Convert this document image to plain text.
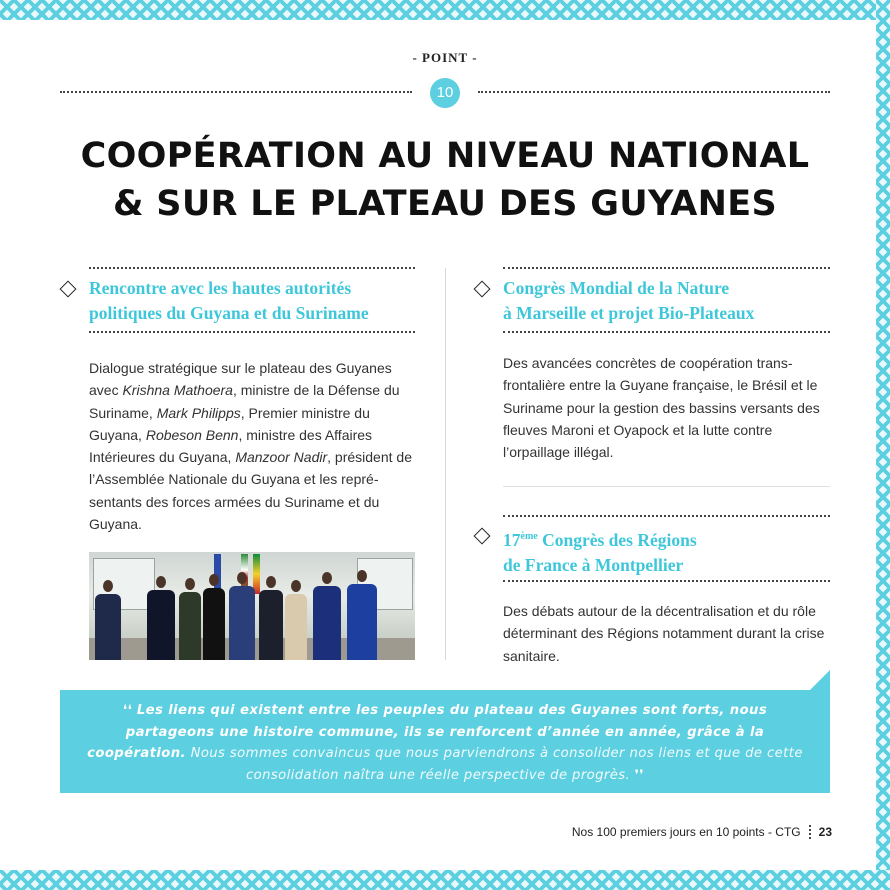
- POINT -
10
COOPÉRATION AU NIVEAU NATIONAL
& SUR LE PLATEAU DES GUYANES
Rencontre avec les hautes autorités
politiques du Guyana et du Suriname
Dialogue stratégique sur le plateau des Guyanes avec Krishna Mathoera, ministre de la Défense du Suriname, Mark Philipps, Premier ministre du Guyana, Robeson Benn, ministre des Affaires Intérieures du Guyana, Manzoor Nadir, président de l’Assemblée Nationale du Guyana et les repré-sentants des forces armées du Suriname et du Guyana.
Congrès Mondial de la Nature
à Marseille et projet Bio-Plateaux
Des avancées concrètes de coopération trans-frontalière entre la Guyane française, le Brésil et le Suriname pour la gestion des bassins versants des fleuves Maroni et Oyapock et la lutte contre l’orpaillage illégal.
17ème Congrès des Régions
de France à Montpellier
Des débats autour de la décentralisation et du rôle déterminant des Régions notamment durant la crise sanitaire.
❛❛ Les liens qui existent entre les peuples du plateau des Guyanes sont forts, nous partageons une histoire commune, ils se renforcent d’année en année, grâce à la coopération. Nous sommes convaincus que nous parviendrons à consolider nos liens et que de cette consolidation naîtra une réelle perspective de progrès. ❜❜
Nos 100 premiers jours en 10 points - CTG 23
